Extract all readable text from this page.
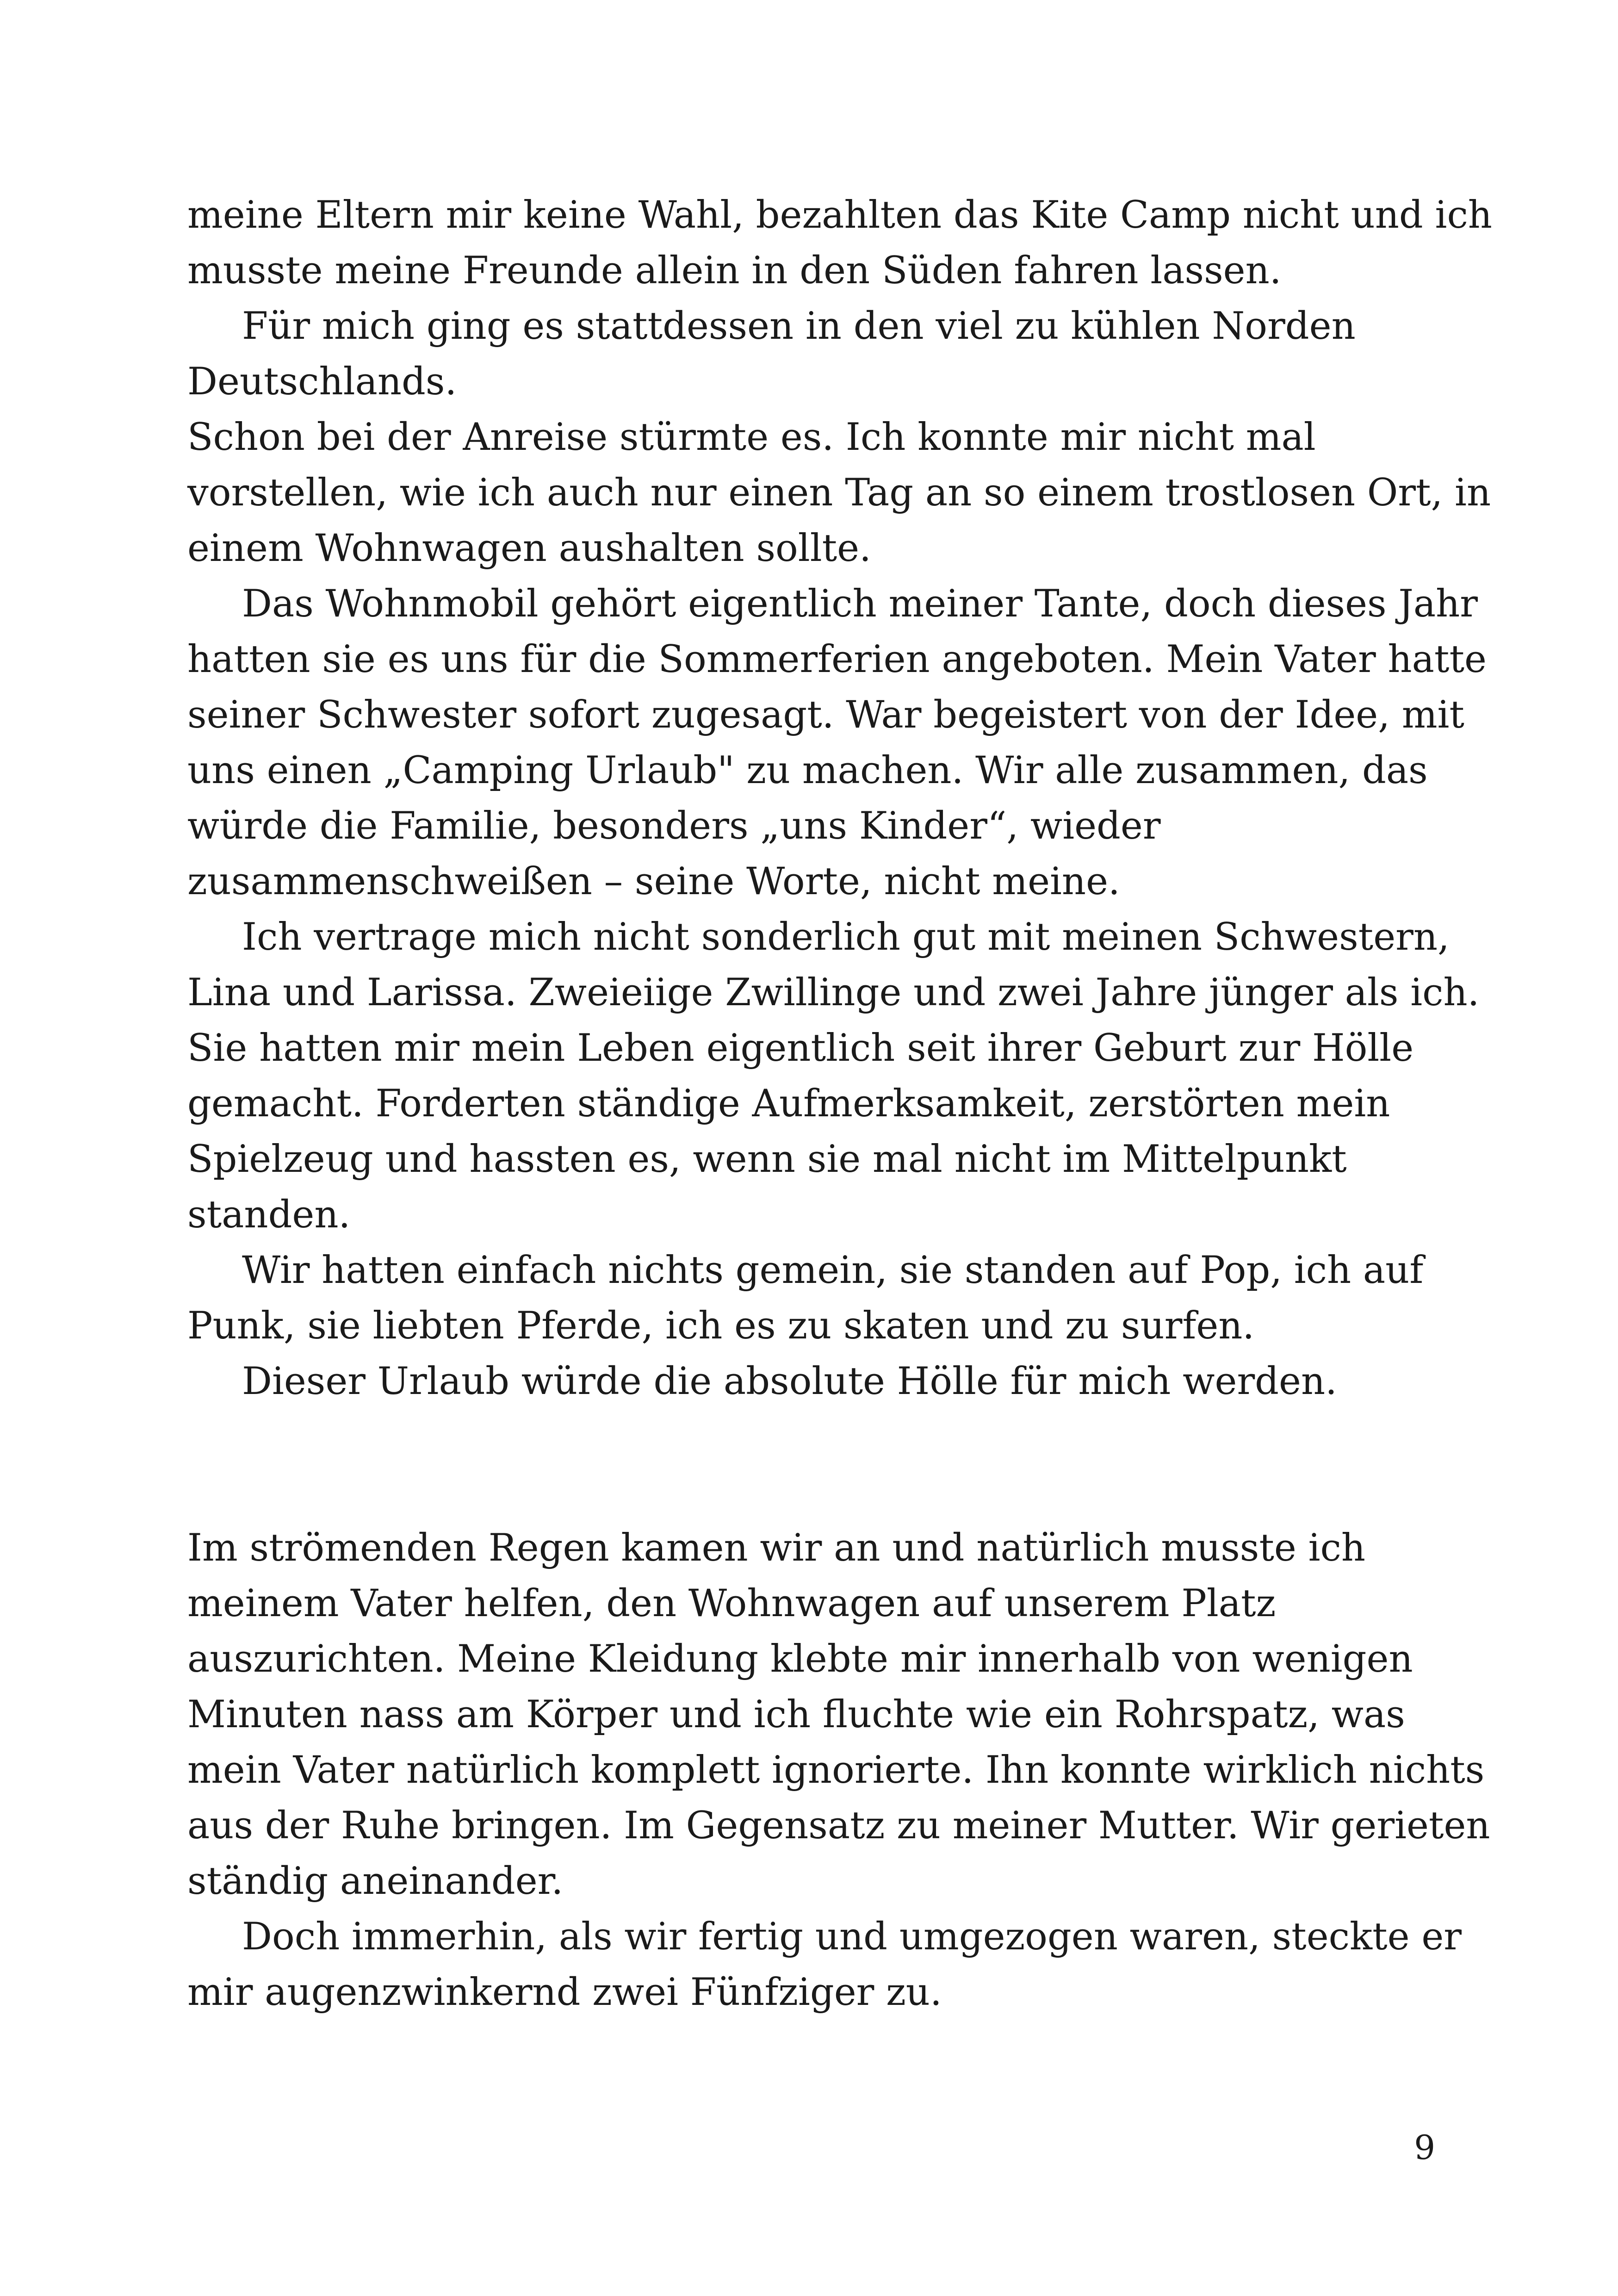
meine Eltern mir keine Wahl, bezahlten das Kite Camp nicht und ich
musste meine Freunde allein in den Süden fahren lassen.
Für mich ging es stattdessen in den viel zu kühlen Norden
Deutschlands.
Schon bei der Anreise stürmte es. Ich konnte mir nicht mal
vorstellen, wie ich auch nur einen Tag an so einem trostlosen Ort, in
einem Wohnwagen aushalten sollte.
Das Wohnmobil gehört eigentlich meiner Tante, doch dieses Jahr
hatten sie es uns für die Sommerferien angeboten. Mein Vater hatte
seiner Schwester sofort zugesagt. War begeistert von der Idee, mit
uns einen „Camping Urlaub" zu machen. Wir alle zusammen, das
würde die Familie, besonders „uns Kinder“, wieder
zusammenschweißen – seine Worte, nicht meine.
Ich vertrage mich nicht sonderlich gut mit meinen Schwestern,
Lina und Larissa. Zweieiige Zwillinge und zwei Jahre jünger als ich.
Sie hatten mir mein Leben eigentlich seit ihrer Geburt zur Hölle
gemacht. Forderten ständige Aufmerksamkeit, zerstörten mein
Spielzeug und hassten es, wenn sie mal nicht im Mittelpunkt
standen.
Wir hatten einfach nichts gemein, sie standen auf Pop, ich auf
Punk, sie liebten Pferde, ich es zu skaten und zu surfen.
Dieser Urlaub würde die absolute Hölle für mich werden.
Im strömenden Regen kamen wir an und natürlich musste ich
meinem Vater helfen, den Wohnwagen auf unserem Platz
auszurichten. Meine Kleidung klebte mir innerhalb von wenigen
Minuten nass am Körper und ich fluchte wie ein Rohrspatz, was
mein Vater natürlich komplett ignorierte. Ihn konnte wirklich nichts
aus der Ruhe bringen. Im Gegensatz zu meiner Mutter. Wir gerieten
ständig aneinander.
Doch immerhin, als wir fertig und umgezogen waren, steckte er
mir augenzwinkernd zwei Fünfziger zu.
9
